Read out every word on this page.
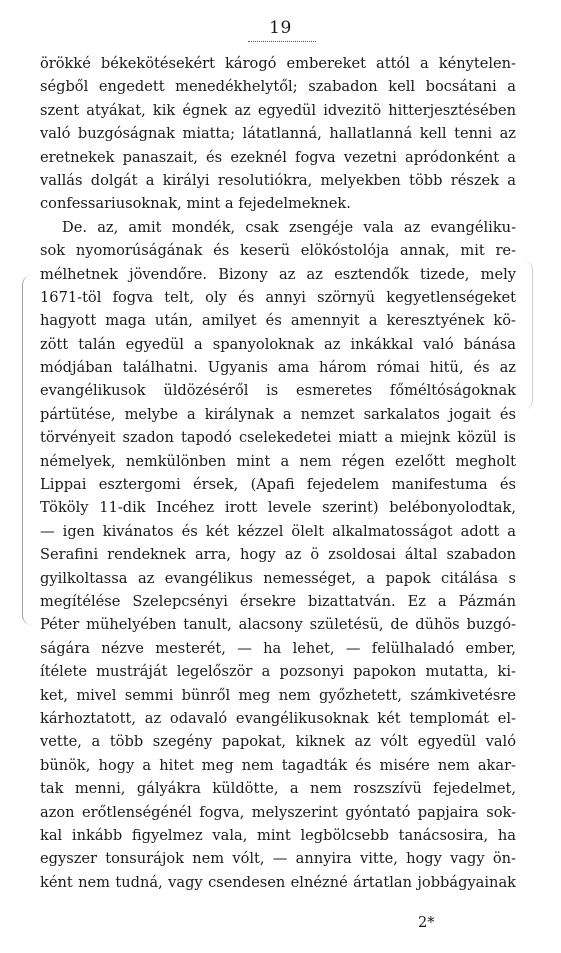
19
örökké békekötésekért károgó embereket attól a kénytelen-
ségből engedett menedékhelytől; szabadon kell bocsátani a
szent atyákat, kik égnek az egyedül idvezitö hitterjesztésében
való buzgóságnak miatta; látatlanná, hallatlanná kell tenni az
eretnekek panaszait, és ezeknél fogva vezetni apródonként a
vallás dolgát a királyi resolutiókra, melyekben több részek a
confessariusoknak, mint a fejedelmeknek.
De. az, amit mondék, csak zsengéje vala az evangéliku-
sok nyomorúságának és keserü elökóstolója annak, mit re-
mélhetnek jövendőre. Bizony az az esztendők tizede, mely
1671-töl fogva telt, oly és annyi szörnyü kegyetlenségeket
hagyott maga után, amilyet és amennyit a keresztyének kö-
zött talán egyedül a spanyoloknak az inkákkal való bánása
módjában találhatni. Ugyanis ama három római hitü, és az
evangélikusok üldözéséről is esmeretes főméltóságoknak
pártütése, melybe a királynak a nemzet sarkalatos jogait és
törvényeit szadon tapodó cselekedetei miatt a miejnk közül is
némelyek, nemkülönben mint a nem régen ezelőtt megholt
Lippai esztergomi érsek, (Apafi fejedelem manifestuma és
Tököly 11-dik Incéhez irott levele szerint) belébonyolodtak,
— igen kivánatos és két kézzel ölelt alkalmatosságot adott a
Serafini rendeknek arra, hogy az ö zsoldosai által szabadon
gyilkoltassa az evangélikus nemességet, a papok citálása s
megítélése Szelepcsényi érsekre bizattatván. Ez a Pázmán
Péter mühelyében tanult, alacsony születésü, de dühös buzgó-
ságára nézve mesterét, — ha lehet, — felülhaladó ember,
ítélete mustráját legelőször a pozsonyi papokon mutatta, ki-
ket, mivel semmi bünről meg nem győzhetett, számkivetésre
kárhoztatott, az odavaló evangélikusoknak két templomát el-
vette, a több szegény papokat, kiknek az vólt egyedül való
bünök, hogy a hitet meg nem tagadták és misére nem akar-
tak menni, gályákra küldötte, a nem roszszívü fejedelmet,
azon erőtlenségénél fogva, melyszerint gyóntató papjaira sok-
kal inkább figyelmez vala, mint legbölcsebb tanácsosira, ha
egyszer tonsurájok nem vólt, — annyira vitte, hogy vagy ön-
ként nem tudná, vagy csendesen elnézné ártatlan jobbágyainak
2*
